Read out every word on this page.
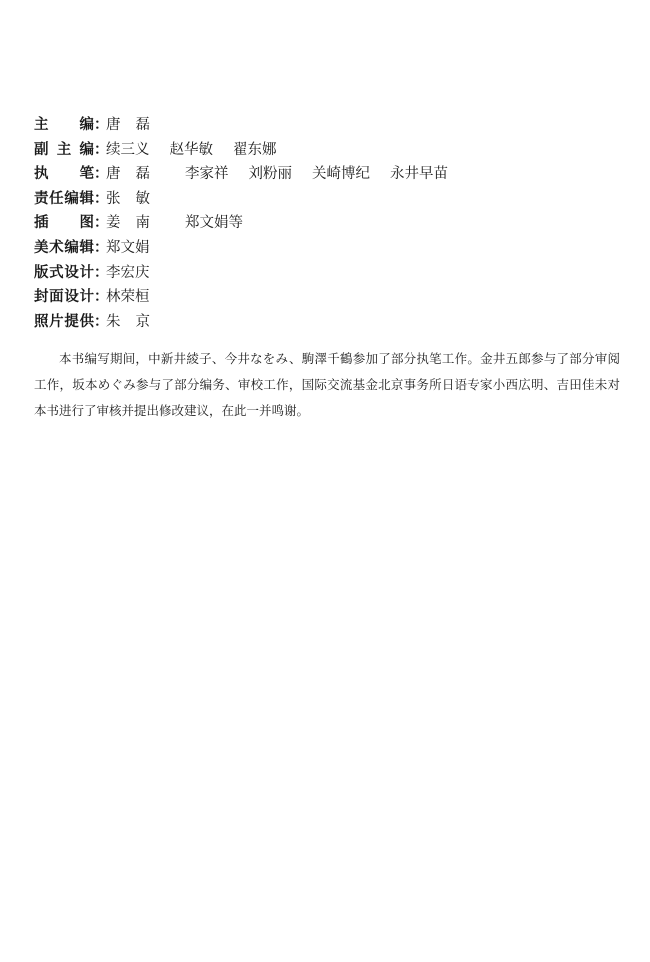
主　　编 ：
唐磊
副 主 编 ：
续三义 赵华敏 翟东娜
执　　笔 ：
唐磊 李家祥 刘粉丽 关崎博纪 永井早苗
责任编辑 ：
张敏
插　　图 ：
姜南 郑文娟等
美术编辑 ：
郑文娟
版式设计 ：
李宏庆
封面设计 ：
林荣桓
照片提供 ：
朱京

本书编写期间，中新井綾子、今井なをみ、駒澤千鶴参加了部分执笔工作。金井五郎参与了部分审阅工作，坂本めぐみ参与了部分编务、审校工作，国际交流基金北京事务所日语专家小西広明、吉田佳未对本书进行了审核并提出修改建议，在此一并鸣谢。
